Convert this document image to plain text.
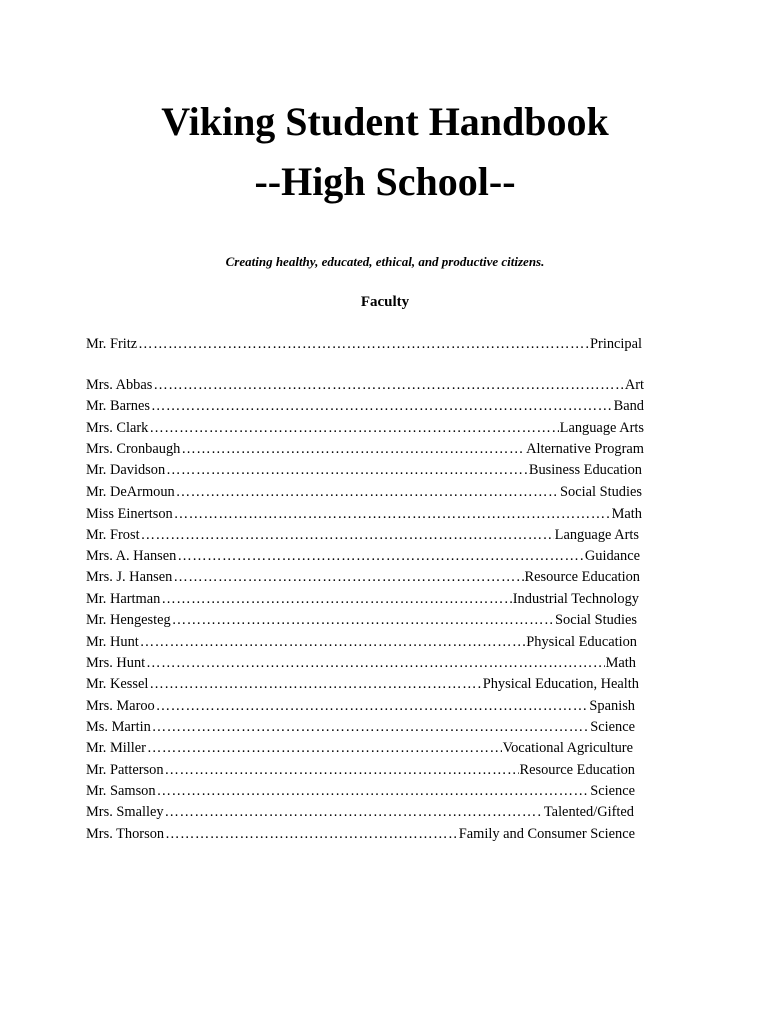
Viking Student Handbook
--High School--
Creating healthy, educated, ethical, and productive citizens.
Faculty
Mr. Fritz ……………………………………………………………………………………………………………………………………………………………………	Principal
Mrs. Abbas ……………………………………………………………………………………………………………………………………………………………………	Art
Mr. Barnes ……………………………………………………………………………………………………………………………………………………………………	Band
Mrs. Clark ……………………………………………………………………………………………………………………………………………………………………	Language Arts
Mrs. Cronbaugh ……………………………………………………………………………………………………………………………………………………………………	Alternative Program
Mr. Davidson ……………………………………………………………………………………………………………………………………………………………………	Business Education
Mr. DeArmoun ……………………………………………………………………………………………………………………………………………………………………	Social Studies
Miss Einertson ……………………………………………………………………………………………………………………………………………………………………	Math
Mr. Frost ……………………………………………………………………………………………………………………………………………………………………	Language Arts
Mrs. A. Hansen ……………………………………………………………………………………………………………………………………………………………………	Guidance
Mrs. J. Hansen ……………………………………………………………………………………………………………………………………………………………………	Resource Education
Mr. Hartman ……………………………………………………………………………………………………………………………………………………………………	Industrial Technology
Mr. Hengesteg ……………………………………………………………………………………………………………………………………………………………………	Social Studies
Mr. Hunt ……………………………………………………………………………………………………………………………………………………………………	Physical Education
Mrs. Hunt ……………………………………………………………………………………………………………………………………………………………………	Math
Mr. Kessel ……………………………………………………………………………………………………………………………………………………………………	Physical Education, Health
Mrs. Maroo ……………………………………………………………………………………………………………………………………………………………………	Spanish
Ms. Martin ……………………………………………………………………………………………………………………………………………………………………	Science
Mr. Miller ……………………………………………………………………………………………………………………………………………………………………	Vocational Agriculture
Mr. Patterson ……………………………………………………………………………………………………………………………………………………………………	Resource Education
Mr. Samson ……………………………………………………………………………………………………………………………………………………………………	Science
Mrs. Smalley ……………………………………………………………………………………………………………………………………………………………………	Talented/Gifted
Mrs. Thorson ……………………………………………………………………………………………………………………………………………………………………	Family and Consumer Science
